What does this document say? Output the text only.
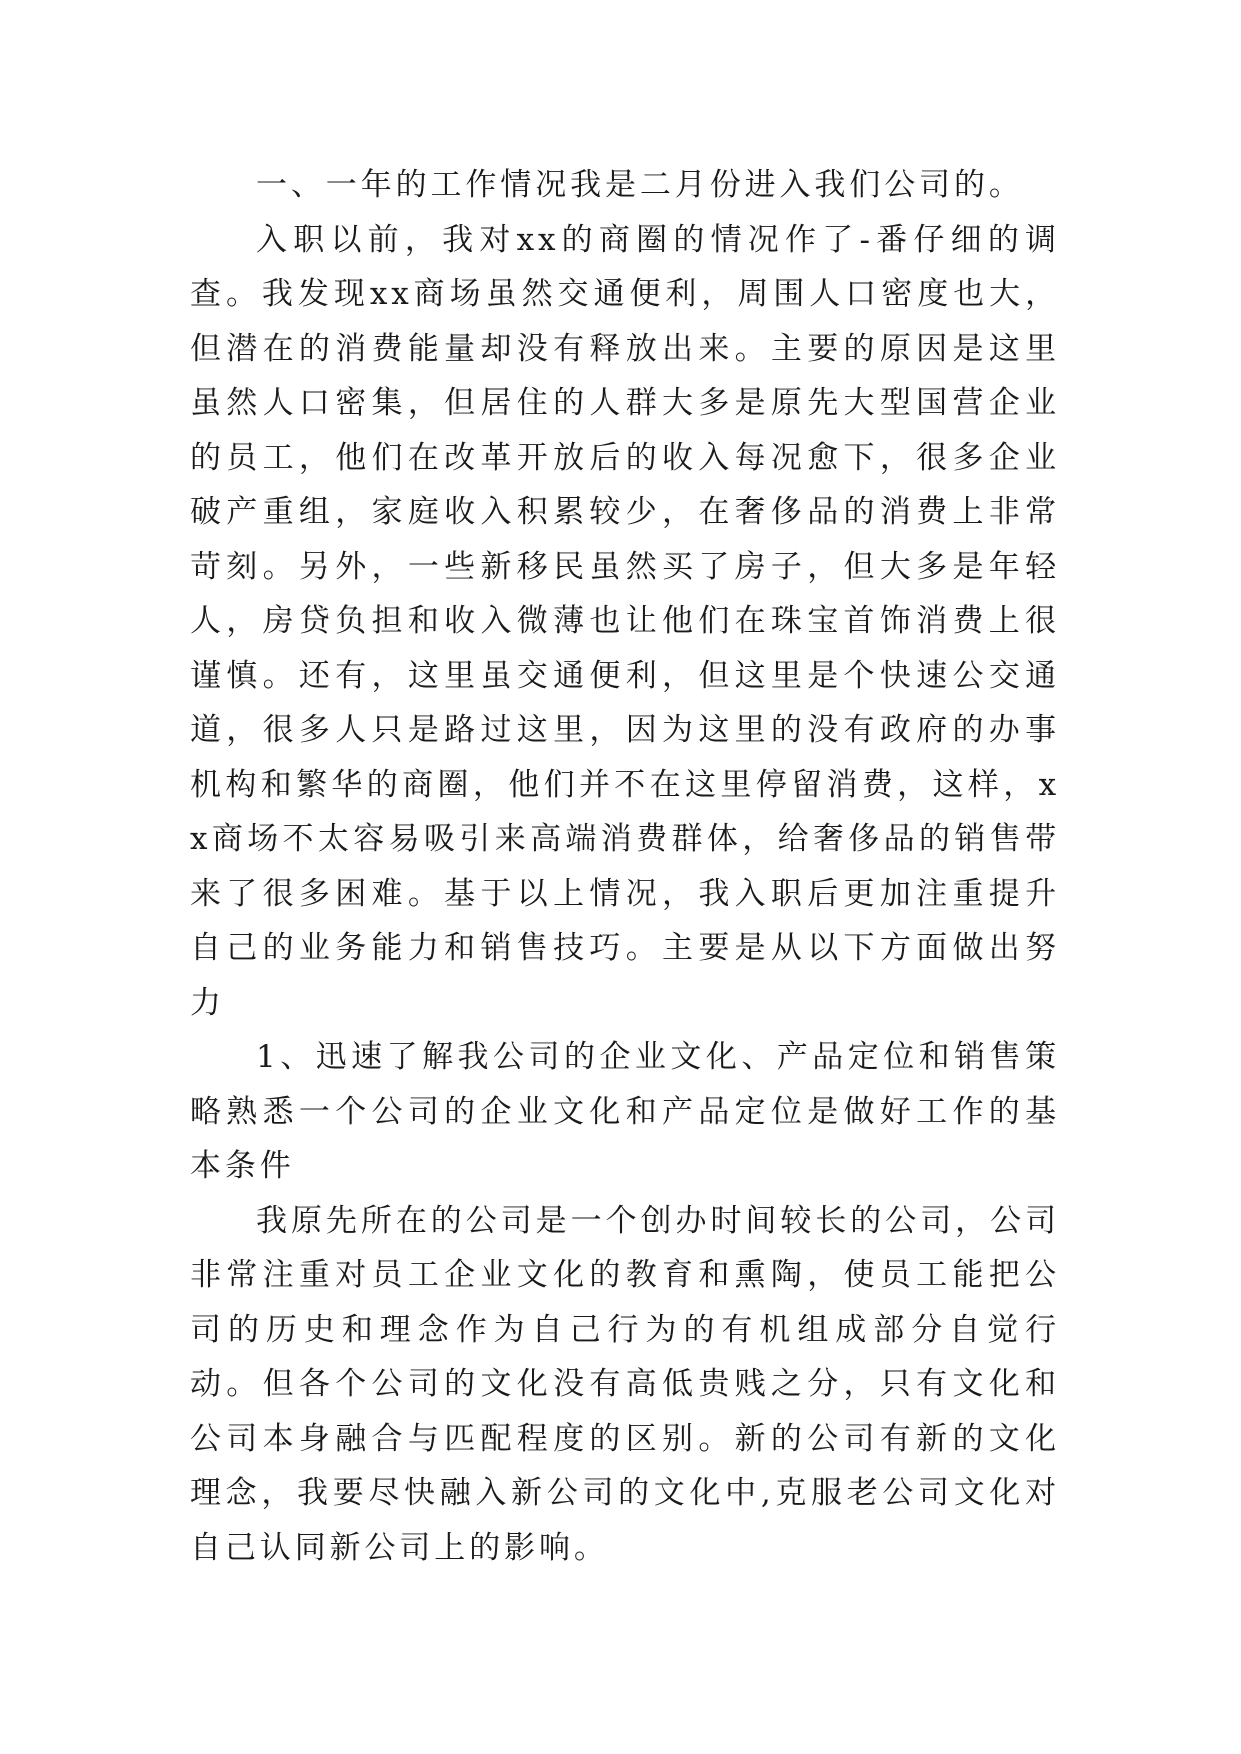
一、一年的工作情况我是二月份进入我们公司的。

入职以前，我对xx的商圈的情况作了-番仔细的调查。我发现xx商场虽然交通便利，周围人口密度也大，但潜在的消费能量却没有释放出来。主要的原因是这里虽然人口密集，但居住的人群大多是原先大型国营企业的员工，他们在改革开放后的收入每况愈下，很多企业破产重组，家庭收入积累较少，在奢侈品的消费上非常苛刻。另外，一些新移民虽然买了房子，但大多是年轻人，房贷负担和收入微薄也让他们在珠宝首饰消费上很谨慎。还有，这里虽交通便利，但这里是个快速公交通道，很多人只是路过这里，因为这里的没有政府的办事机构和繁华的商圈，他们并不在这里停留消费，这样，xx商场不太容易吸引来高端消费群体，给奢侈品的销售带来了很多困难。基于以上情况，我入职后更加注重提升自己的业务能力和销售技巧。主要是从以下方面做出努力

1、迅速了解我公司的企业文化、产品定位和销售策略熟悉一个公司的企业文化和产品定位是做好工作的基本条件

我原先所在的公司是一个创办时间较长的公司，公司非常注重对员工企业文化的教育和熏陶，使员工能把公司的历史和理念作为自己行为的有机组成部分自觉行动。但各个公司的文化没有高低贵贱之分，只有文化和公司本身融合与匹配程度的区别。新的公司有新的文化理念，我要尽快融入新公司的文化中,克服老公司文化对自己认同新公司上的影响。
